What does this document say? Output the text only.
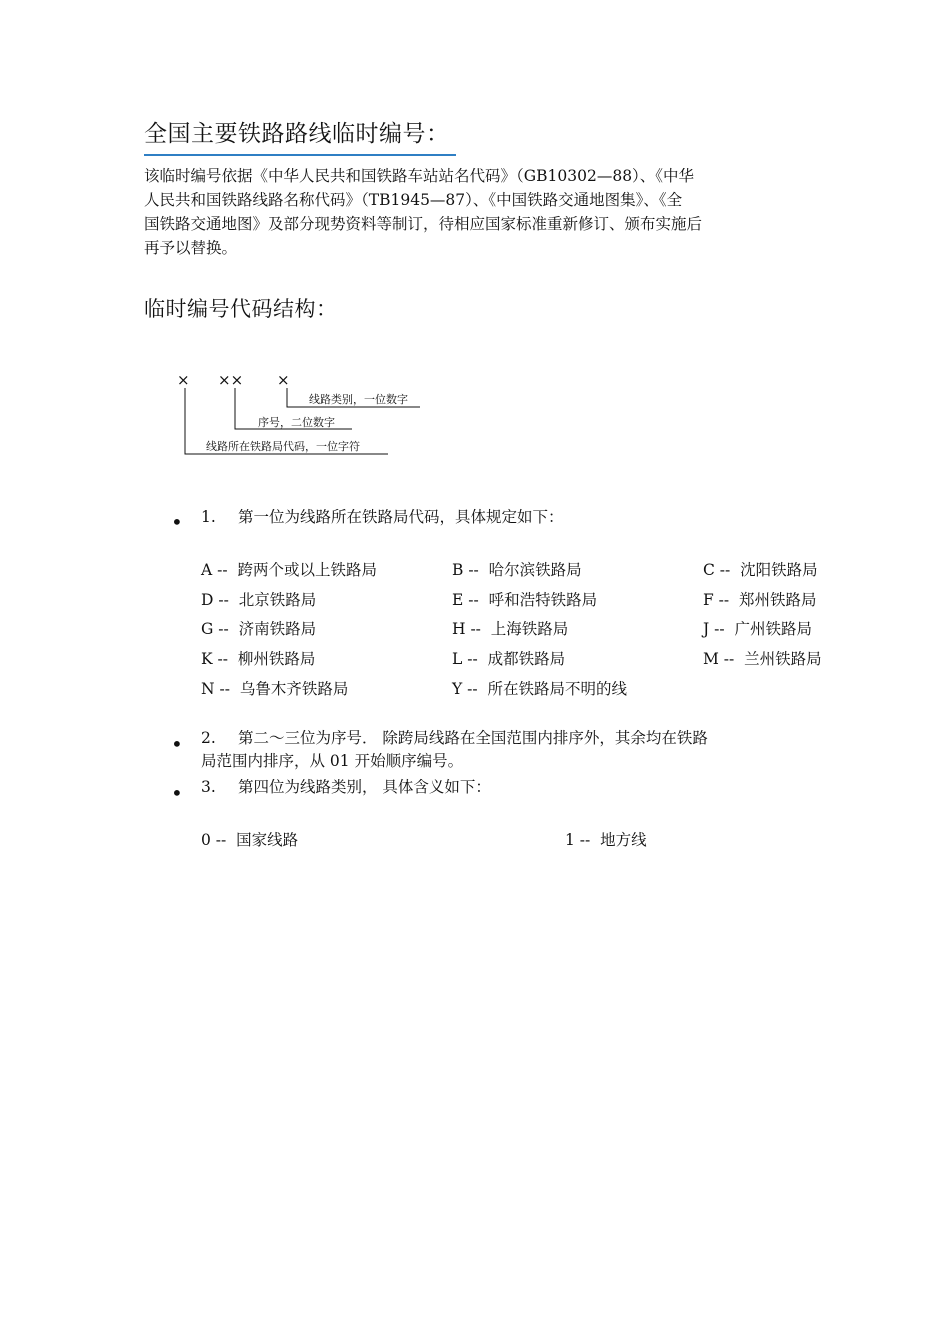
全国主要铁路路线临时编号：
该临时编号依据《中华人民共和国铁路车站站名代码》（GB10302—88）、《中华
人民共和国铁路线路名称代码》（TB1945—87）、《中国铁路交通地图集》、《全
国铁路交通地图》及部分现势资料等制订，待相应国家标准重新修订、颁布实施后
再予以替换。
临时编号代码结构：
× ×× ×
线路类别，一位数字
序号，二位数字
线路所在铁路局代码，一位字符
• 1. 第一位为线路所在铁路局代码，具体规定如下：
A -- 跨两个或以上铁路局	B -- 哈尔滨铁路局	C -- 沈阳铁路局
D -- 北京铁路局	E -- 呼和浩特铁路局	F -- 郑州铁路局
G -- 济南铁路局	H -- 上海铁路局	J -- 广州铁路局
K -- 柳州铁路局	L -- 成都铁路局	M -- 兰州铁路局
N -- 乌鲁木齐铁路局	Y -- 所在铁路局不明的线
• 2. 第二～三位为序号． 除跨局线路在全国范围内排序外，其余均在铁路
局范围内排序，从 01 开始顺序编号。
• 3. 第四位为线路类别， 具体含义如下：
0 -- 国家线路	1 -- 地方线
